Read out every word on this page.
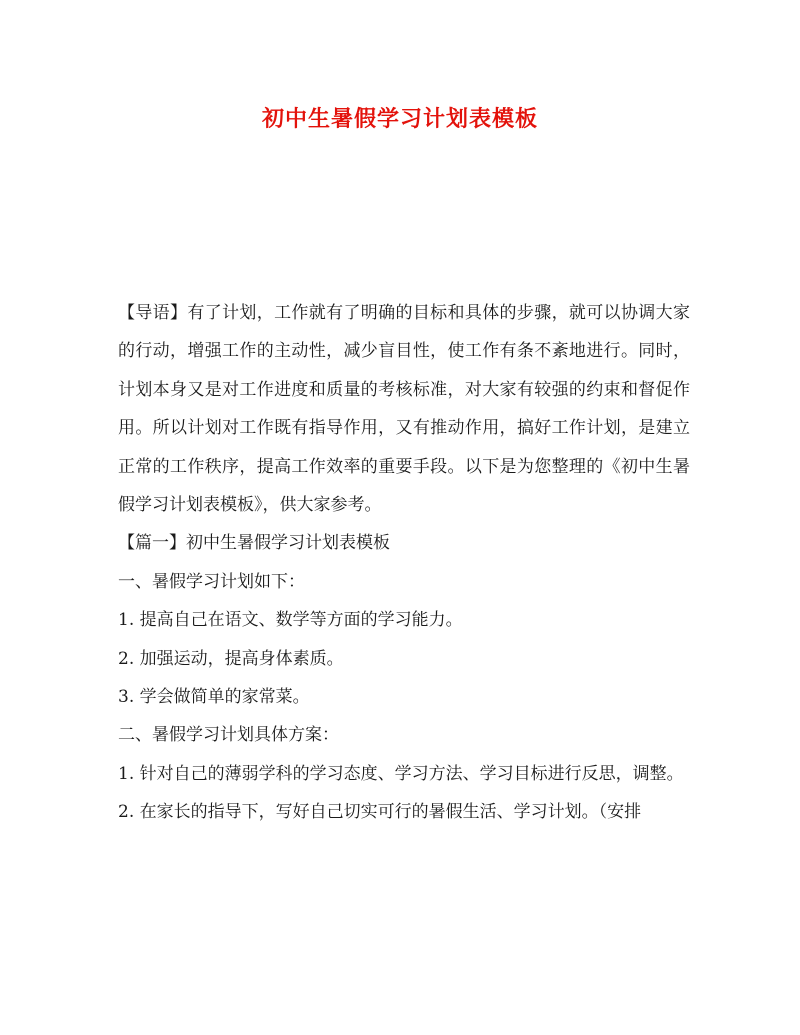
初中生暑假学习计划表模板

【导语】有了计划，工作就有了明确的目标和具体的步骤，就可以协调大家的行动，增强工作的主动性，减少盲目性，使工作有条不紊地进行。同时，计划本身又是对工作进度和质量的考核标准，对大家有较强的约束和督促作用。所以计划对工作既有指导作用，又有推动作用，搞好工作计划，是建立正常的工作秩序，提高工作效率的重要手段。以下是为您整理的《初中生暑假学习计划表模板》，供大家参考。

【篇一】初中生暑假学习计划表模板

一、暑假学习计划如下：

1. 提高自己在语文、数学等方面的学习能力。

2. 加强运动，提高身体素质。

3. 学会做简单的家常菜。

二、暑假学习计划具体方案：

1. 针对自己的薄弱学科的学习态度、学习方法、学习目标进行反思，调整。

2. 在家长的指导下，写好自己切实可行的暑假生活、学习计划。（安排
